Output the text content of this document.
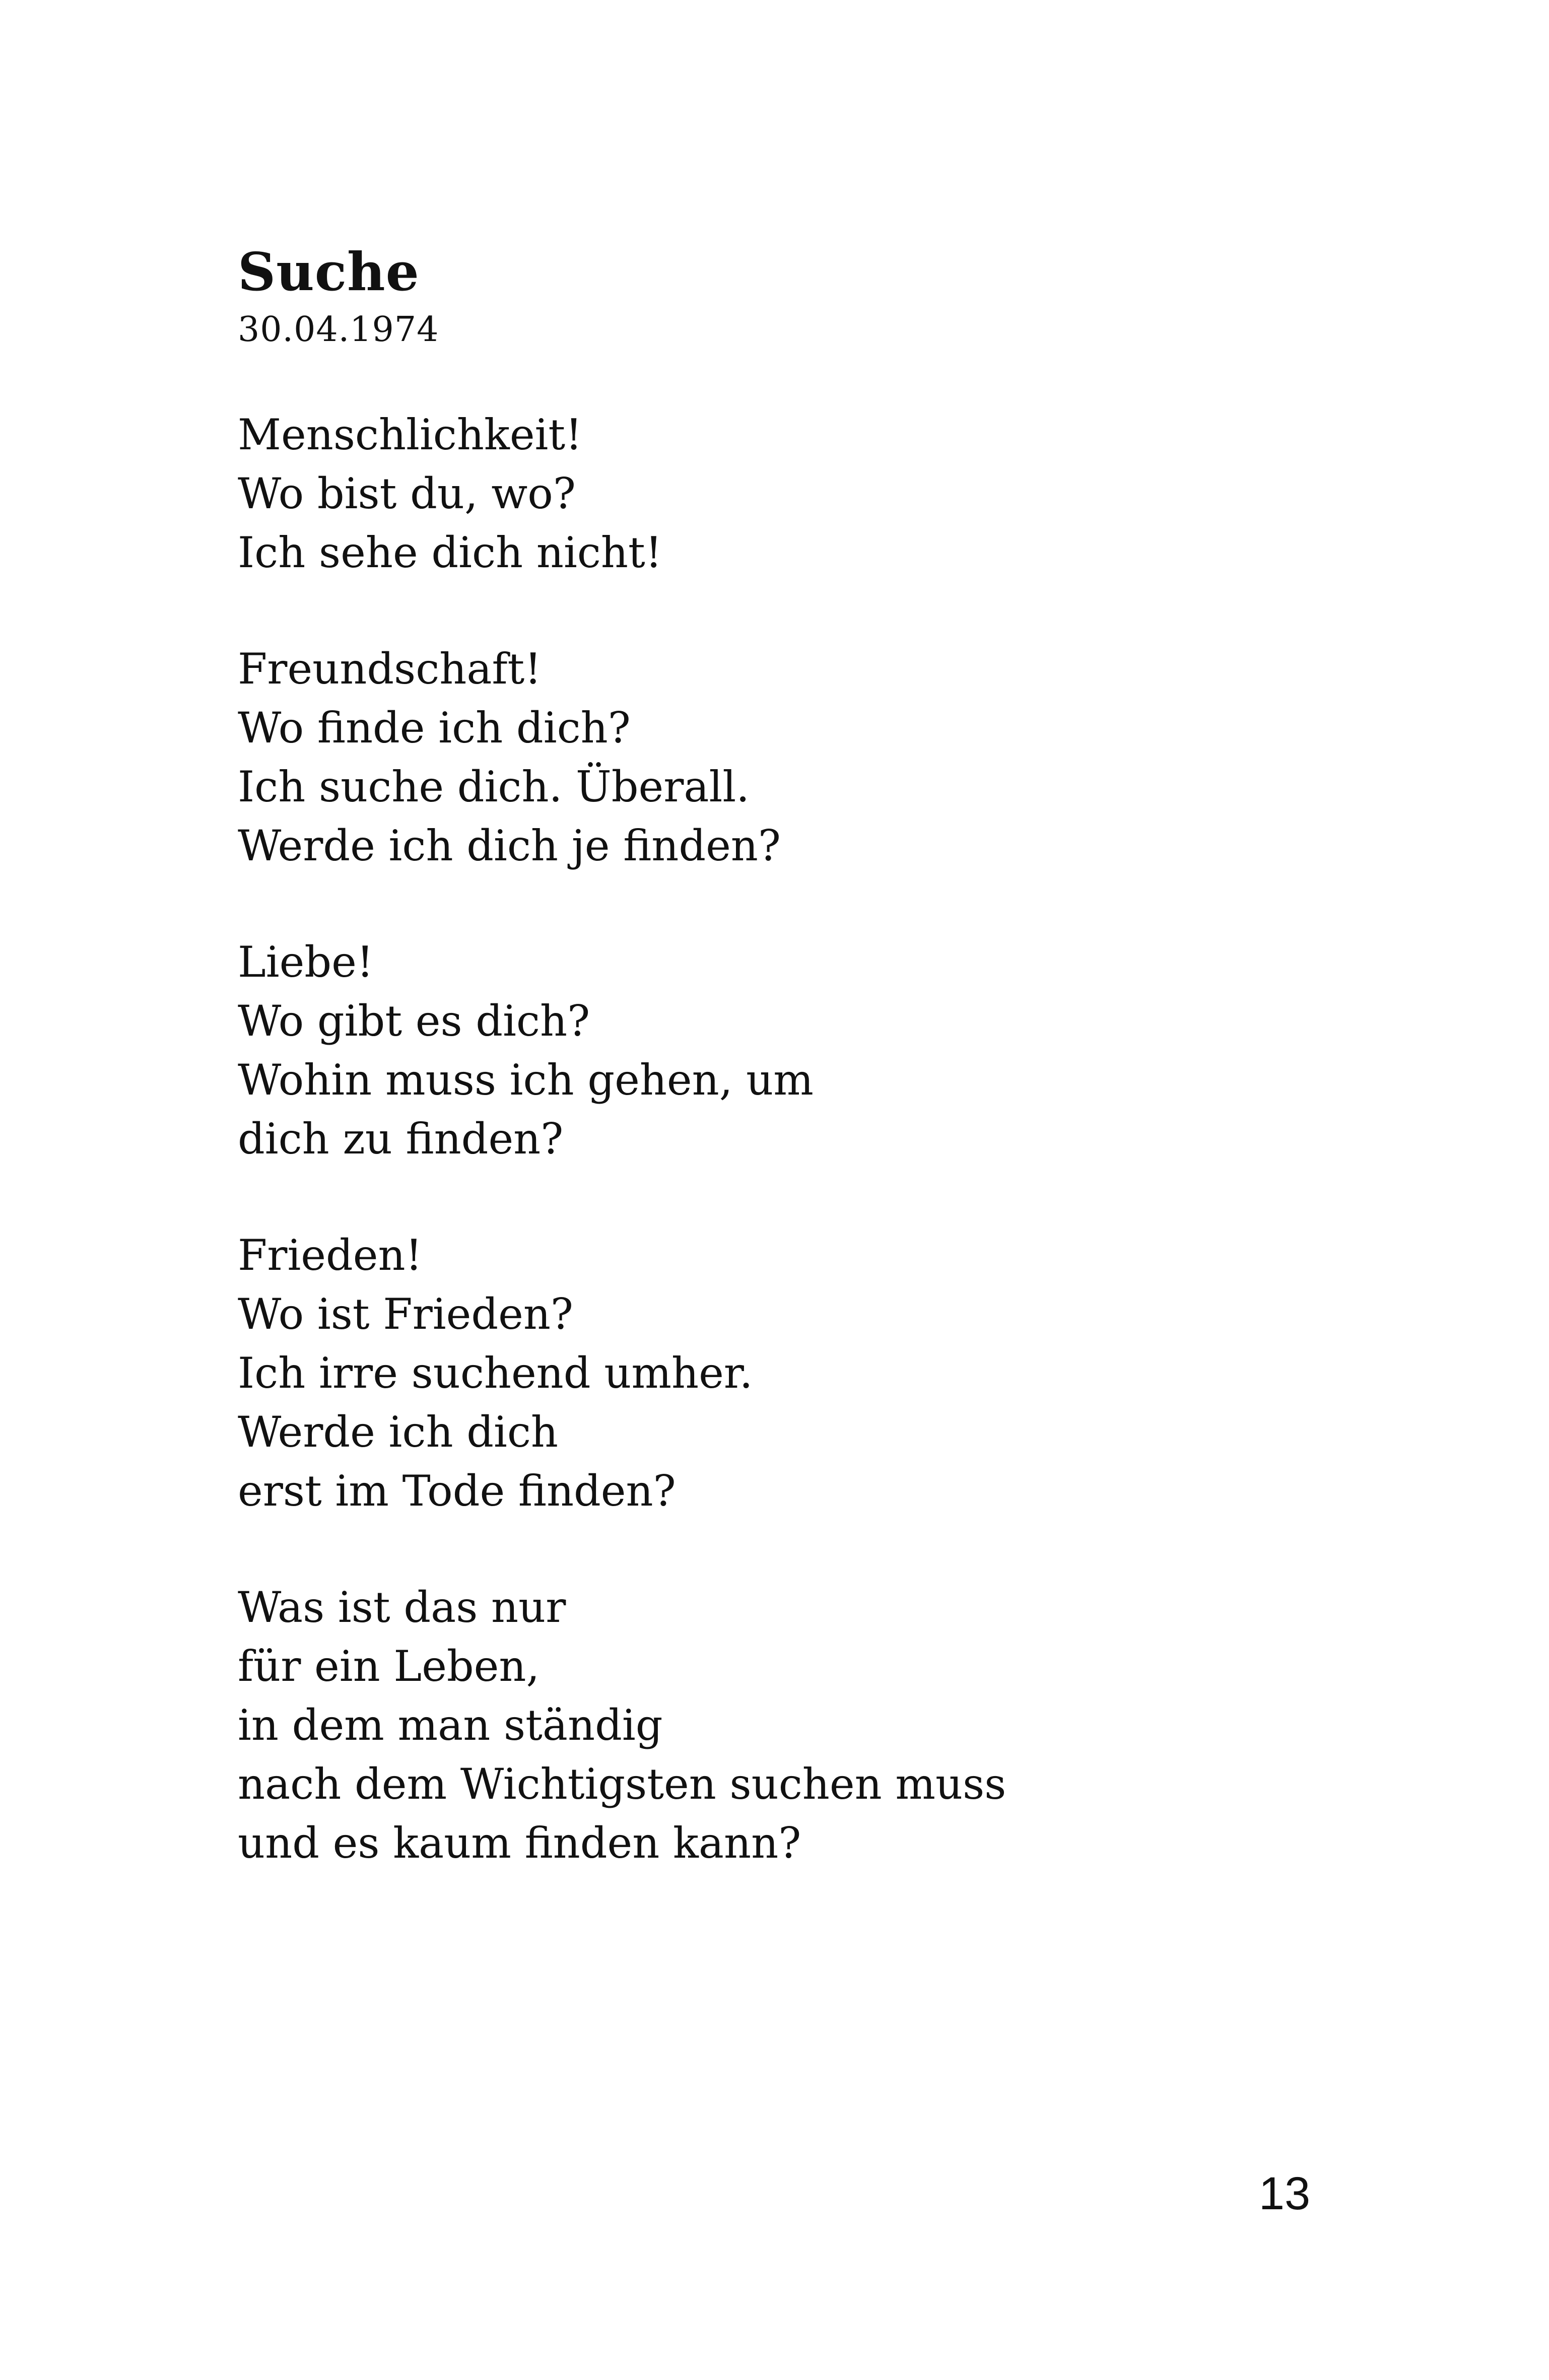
Suche
30.04.1974
Menschlichkeit!
Wo bist du, wo?
Ich sehe dich nicht!
Freundschaft!
Wo finde ich dich?
Ich suche dich. Überall.
Werde ich dich je finden?
Liebe!
Wo gibt es dich?
Wohin muss ich gehen, um
dich zu finden?
Frieden!
Wo ist Frieden?
Ich irre suchend umher.
Werde ich dich
erst im Tode finden?
Was ist das nur
für ein Leben,
in dem man ständig
nach dem Wichtigsten suchen muss
und es kaum finden kann?
13
